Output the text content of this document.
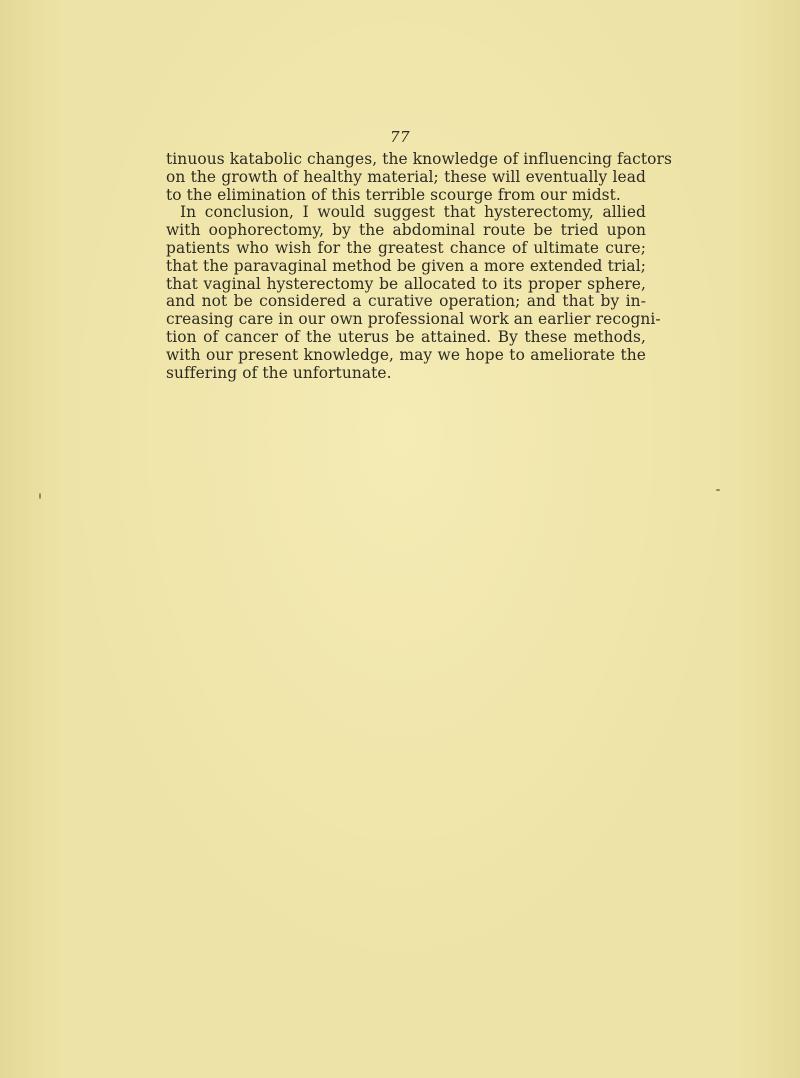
77
tinuous katabolic changes, the knowledge of influencing factors
on the growth of healthy material; these will eventually lead
to the elimination of this terrible scourge from our midst.
In conclusion, I would suggest that hysterectomy, allied
with oophorectomy, by the abdominal route be tried upon
patients who wish for the greatest chance of ultimate cure;
that the paravaginal method be given a more extended trial;
that vaginal hysterectomy be allocated to its proper sphere,
and not be considered a curative operation; and that by in-
creasing care in our own professional work an earlier recogni-
tion of cancer of the uterus be attained. By these methods,
with our present knowledge, may we hope to ameliorate the
suffering of the unfortunate.
